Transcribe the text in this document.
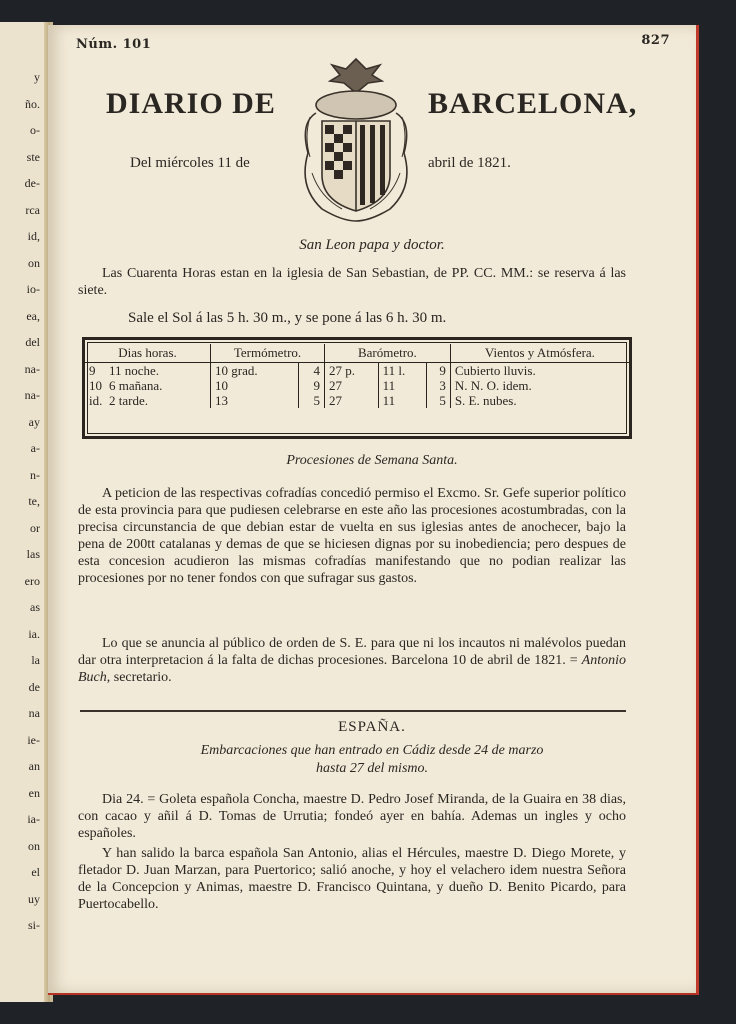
y
ño.
o-
ste
de-
rca
id,
on
io-
ea,
del
na-
na-
ay
a-
n-
te,
or
las
ero
as
ia.
la
de
na
ie-
an
en
ia-
on
el
uy
si-
Núm. 101	827
DIARIO DE	BARCELONA,
Del miércoles 11 de	abril de 1821.
San Leon papa y doctor.
Las Cuarenta Horas estan en la iglesia de San Sebastian, de PP. CC. MM.: se reserva á las siete.
Sale el Sol á las 5 h. 30 m., y se pone á las 6 h. 30 m.
Dias horas.	Termómetro.		Barómetro.			Vientos y Atmósfera.
9 11 noche.	10 grad.	4	27 p.	11 l.	9	Cubierto lluvis.
10 6 mañana.	10	9	27	11	3	N. N. O. idem.
id. 2 tarde.	13	5	27	11	5	S. E. nubes.
Procesiones de Semana Santa.
A peticion de las respectivas cofradías concedió permiso el Excmo. Sr. Gefe superior político de esta provincia para que pudiesen celebrarse en este año las procesiones acostumbradas, con la precisa circunstancia de que debian estar de vuelta en sus iglesias antes de anochecer, bajo la pena de 200tt catalanas y demas de que se hiciesen dignas por su inobediencia; pero despues de esta concesion acudieron las mismas cofradías manifestando que no podian realizar las procesiones por no tener fondos con que sufragar sus gastos.
Lo que se anuncia al público de orden de S. E. para que ni los incautos ni malévolos puedan dar otra interpretacion á la falta de dichas procesiones. Barcelona 10 de abril de 1821. = Antonio Buch, secretario.
ESPAÑA.
Embarcaciones que han entrado en Cádiz desde 24 de marzo
hasta 27 del mismo.
Dia 24. = Goleta española Concha, maestre D. Pedro Josef Miranda, de la Guaira en 38 dias, con cacao y añil á D. Tomas de Urrutia; fondeó ayer en bahía. Ademas un ingles y ocho españoles.
Y han salido la barca española San Antonio, alias el Hércules, maestre D. Diego Morete, y fletador D. Juan Marzan, para Puertorico; salió anoche, y hoy el velachero idem nuestra Señora de la Concepcion y Animas, maestre D. Francisco Quintana, y dueño D. Benito Picardo, para Puertocabello.
